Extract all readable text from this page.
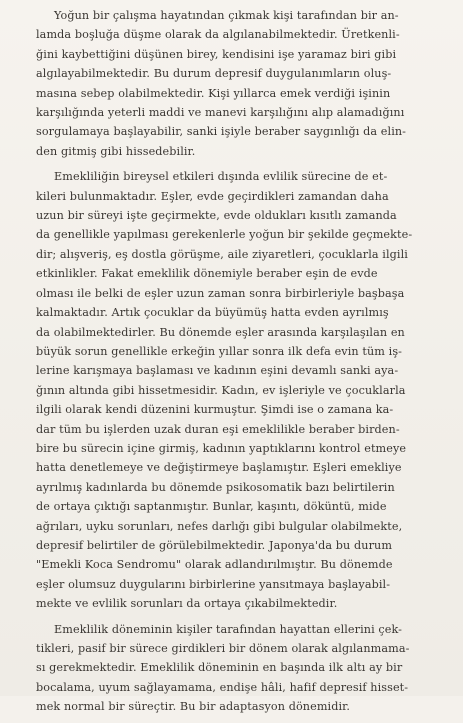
Yoğun bir çalışma hayatından çıkmak kişi tarafından bir an-
lamda boşluğa düşme olarak da algılanabilmektedir. Üretkenli-
ğini kaybettiğini düşünen birey, kendisini işe yaramaz biri gibi
algılayabilmektedir. Bu durum depresif duygulanımların oluş-
masına sebep olabilmektedir. Kişi yıllarca emek verdiği işinin
karşılığında yeterli maddi ve manevi karşılığını alıp alamadığını
sorgulamaya başlayabilir, sanki işiyle beraber saygınlığı da elin-
den gitmiş gibi hissedebilir.
Emekliliğin bireysel etkileri dışında evlilik sürecine de et-
kileri bulunmaktadır. Eşler, evde geçirdikleri zamandan daha
uzun bir süreyi işte geçirmekte, evde oldukları kısıtlı zamanda
da genellikle yapılması gerekenlerle yoğun bir şekilde geçmekte-
dir; alışveriş, eş dostla görüşme, aile ziyaretleri, çocuklarla ilgili
etkinlikler. Fakat emeklilik dönemiyle beraber eşin de evde
olması ile belki de eşler uzun zaman sonra birbirleriyle başbaşa
kalmaktadır. Artık çocuklar da büyümüş hatta evden ayrılmış
da olabilmektedirler. Bu dönemde eşler arasında karşılaşılan en
büyük sorun genellikle erkeğin yıllar sonra ilk defa evin tüm iş-
lerine karışmaya başlaması ve kadının eşini devamlı sanki aya-
ğının altında gibi hissetmesidir. Kadın, ev işleriyle ve çocuklarla
ilgili olarak kendi düzenini kurmuştur. Şimdi ise o zamana ka-
dar tüm bu işlerden uzak duran eşi emeklilikle beraber birden-
bire bu sürecin içine girmiş, kadının yaptıklarını kontrol etmeye
hatta denetlemeye ve değiştirmeye başlamıştır. Eşleri emekliye
ayrılmış kadınlarda bu dönemde psikosomatik bazı belirtilerin
de ortaya çıktığı saptanmıştır. Bunlar, kaşıntı, döküntü, mide
ağrıları, uyku sorunları, nefes darlığı gibi bulgular olabilmekte,
depresif belirtiler de görülebilmektedir. Japonya'da bu durum
"Emekli Koca Sendromu" olarak adlandırılmıştır. Bu dönemde
eşler olumsuz duygularını birbirlerine yansıtmaya başlayabil-
mekte ve evlilik sorunları da ortaya çıkabilmektedir.
Emeklilik döneminin kişiler tarafından hayattan ellerini çek-
tikleri, pasif bir sürece girdikleri bir dönem olarak algılanmama-
sı gerekmektedir. Emeklilik döneminin en başında ilk altı ay bir
bocalama, uyum sağlayamama, endişe hâli, hafif depresif hisset-
mek normal bir süreçtir. Bu bir adaptasyon dönemidir.
